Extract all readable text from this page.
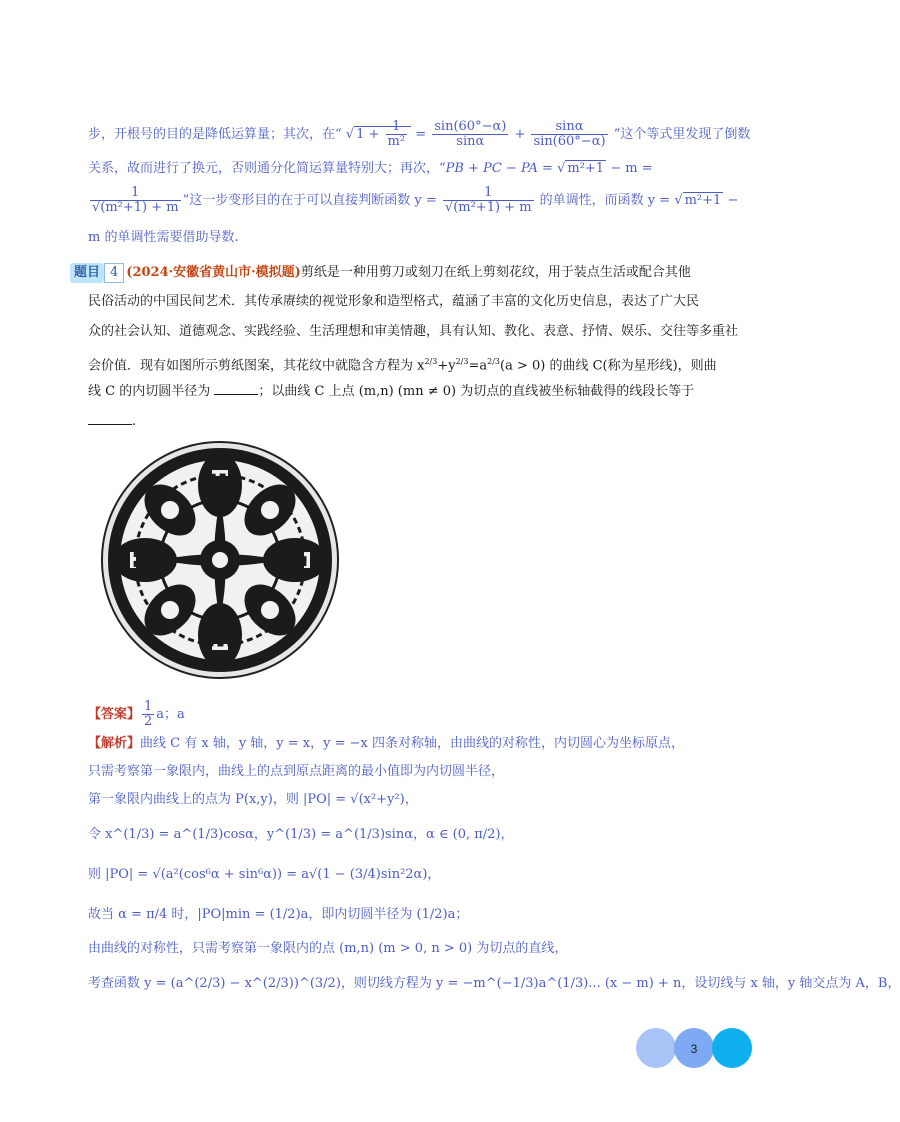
步，开根号的目的是降低运算量；其次，在“ √ $1 + \frac{1}{\text{m²}} = \frac{\sin(60^\circ-\alpha)}{\sin\alpha} + \frac{\sin\alpha}{\sin(60^\circ-\alpha)}$ ”这个等式里发现了倒数
关系，故而进行了换元，否则通分化简运算量特别大；再次，“PB + PC − PA = √ m²+1 − m =
$\frac{1}{\text{√(m²+1) + m}}$ ”这一步变形目的在于可以直接判断函数 $y = \frac{1}{\text{√(m²+1) + m}}$ 的单调性，而函数 y = √ m²+1 −
m 的单调性需要借助导数.
题目 4 (2024·安徽省黄山市·模拟题)剪纸是一种用剪刀或刻刀在纸上剪刻花纹，用于装点生活或配合其他
民俗活动的中国民间艺术．其传承赓续的视觉形象和造型格式，蕴涵了丰富的文化历史信息，表达了广大民
众的社会认知、道德观念、实践经验、生活理想和审美情趣，具有认知、教化、表意、抒情、娱乐、交往等多重社
会价值．现有如图所示剪纸图案，其花纹中就隐含方程为 $x^{2/3}+y^{2/3}=a^{2/3}(a > 0)$ 的曲线 C(称为星形线)，则曲
线 C 的内切圆半径为	；以曲线 C 上点 (m,n) (mn ≠ 0) 为切点的直线被坐标轴截得的线段长等于
.
【答案】 $\frac{1}{2}$ a；a
【解析】曲线 C 有 x 轴，y 轴，y = x，y = −x 四条对称轴，由曲线的对称性，内切圆心为坐标原点，
只需考察第一象限内，曲线上的点到原点距离的最小值即为内切圆半径，
第一象限内曲线上的点为 P(x,y)，则 |PO| = √(x²+y²)，
令 x^(1/3) = a^(1/3)cosα，y^(1/3) = a^(1/3)sinα，α ∈ (0, π/2)，
则 |PO| = √(a²(cos⁶α + sin⁶α)) = a√(1 − (3/4)sin²2α)，
故当 α = π/4 时，|PO|min = (1/2)a，即内切圆半径为 (1/2)a；
由曲线的对称性，只需考察第一象限内的点 (m,n) (m > 0, n > 0) 为切点的直线，
考查函数 y = (a^(2/3) − x^(2/3))^(3/2)，则切线方程为 y = −m^(−1/3)a^(1/3)... (x − m) + n，设切线与 x 轴，y 轴交点为 A，B，
3
